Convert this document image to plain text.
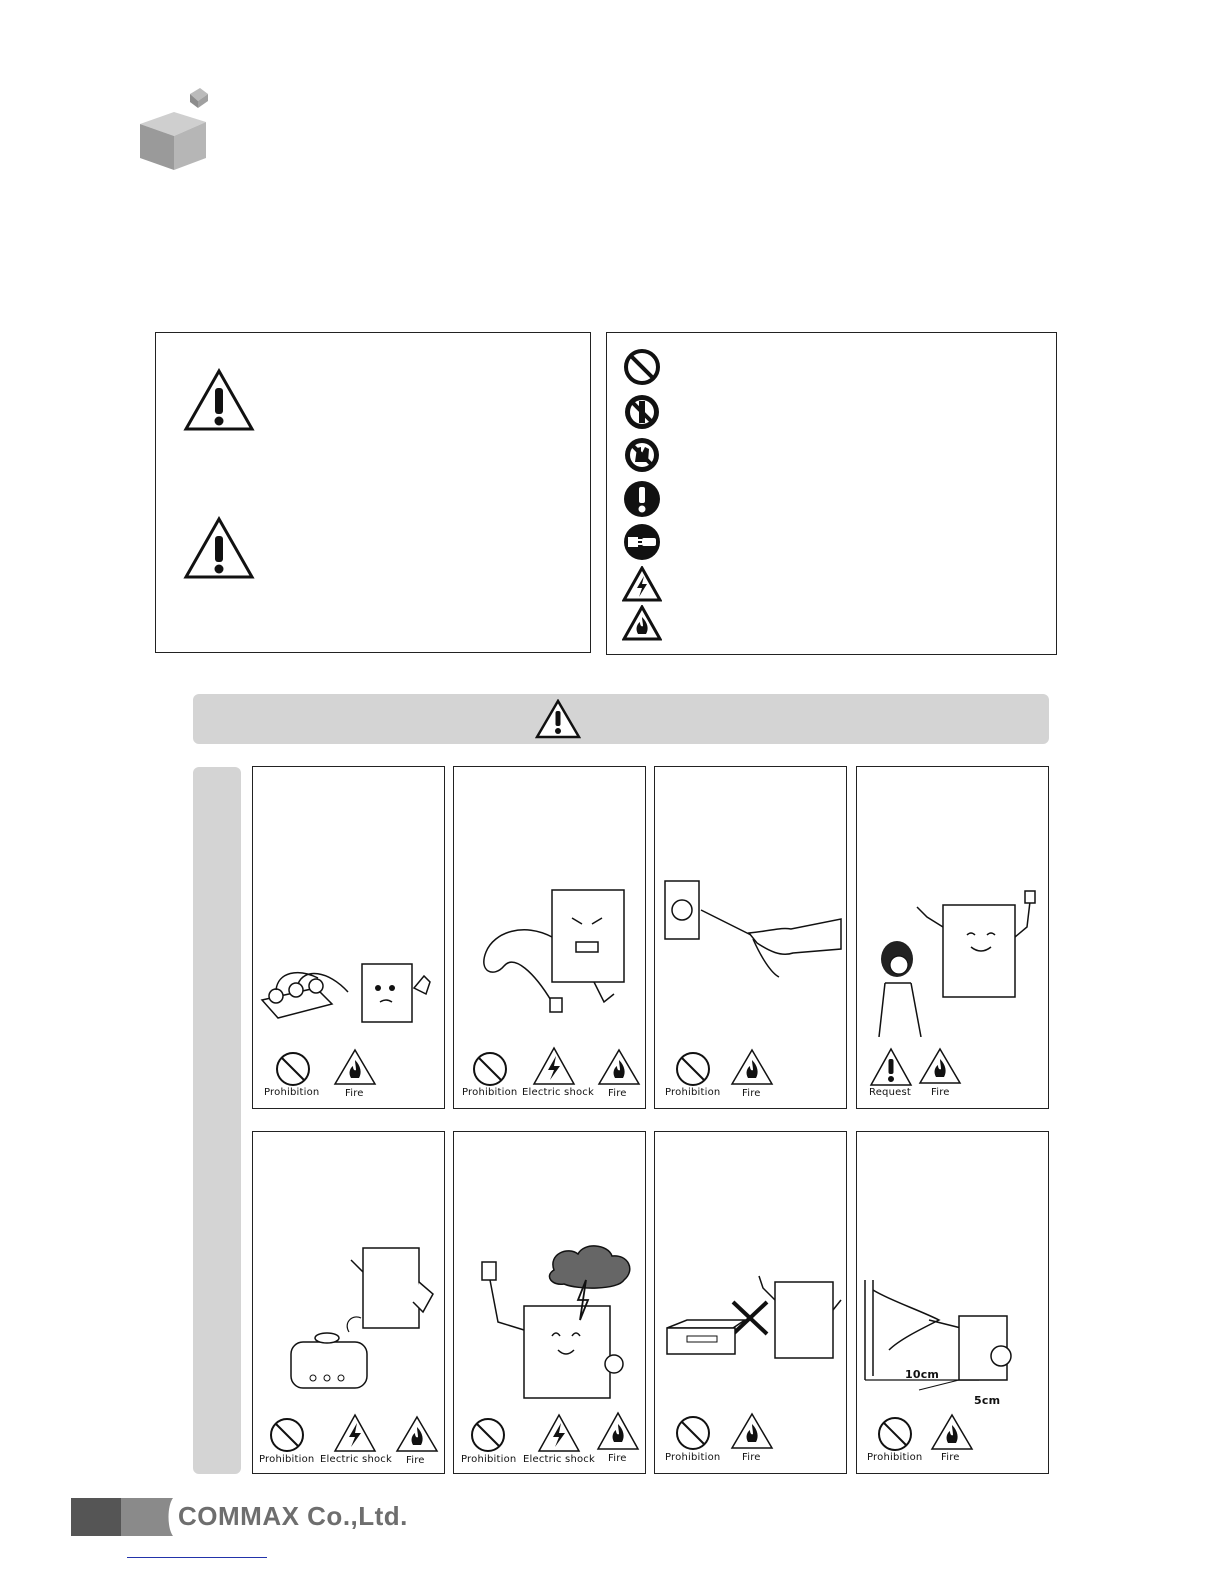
Prohibition	Fire	Prohibition Electric shock Fire	Prohibition Fire	Request Fire
Prohibition Electric shock Fire	Prohibition Electric shock Fire	Prohibition Fire
10cm
5cm
Prohibition Fire
COMMAX Co.,Ltd.
